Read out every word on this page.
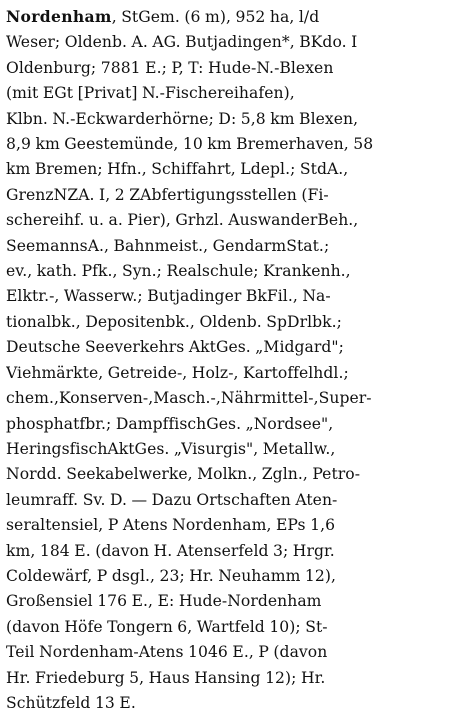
Nordenham, StGem. (6 m), 952 ha, l/d
Weser; Oldenb. A. AG. Butjadingen*, BKdo. I
Oldenburg; 7881 E.; P, T: Hude-N.-Blexen
(mit EGt [Privat] N.-Fischereihafen),
Klbn. N.-Eckwarderhörne; D: 5,8 km Blexen,
8,9 km Geestemünde, 10 km Bremerhaven, 58
km Bremen; Hfn., Schiffahrt, Ldepl.; StdA.,
GrenzNZA. I, 2 ZAbfertigungsstellen (Fi-
schereihf. u. a. Pier), Grhzl. AuswanderBeh.,
SeemannsA., Bahnmeist., GendarmStat.;
ev., kath. Pfk., Syn.; Realschule; Krankenh.,
Elktr.-, Wasserw.; Butjadinger BkFil., Na-
tionalbk., Depositenbk., Oldenb. SpDrlbk.;
Deutsche Seeverkehrs AktGes. „Midgard";
Viehmärkte, Getreide-, Holz-, Kartoffelhdl.;
chem.,Konserven-,Masch.-,Nährmittel-,Super-
phosphatfbr.; DampffischGes. „Nordsee",
HeringsfischAktGes. „Visurgis", Metallw.,
Nordd. Seekabelwerke, Molkn., Zgln., Petro-
leumraff. Sv. D. — Dazu Ortschaften Aten-
seraltensiel, P Atens Nordenham, EPs 1,6
km, 184 E. (davon H. Atenserfeld 3; Hrgr.
Coldewärf, P dsgl., 23; Hr. Neuhamm 12),
Großensiel 176 E., E: Hude-Nordenham
(davon Höfe Tongern 6, Wartfeld 10); St-
Teil Nordenham-Atens 1046 E., P (davon
Hr. Friedeburg 5, Haus Hansing 12); Hr.
Schützfeld 13 E.
